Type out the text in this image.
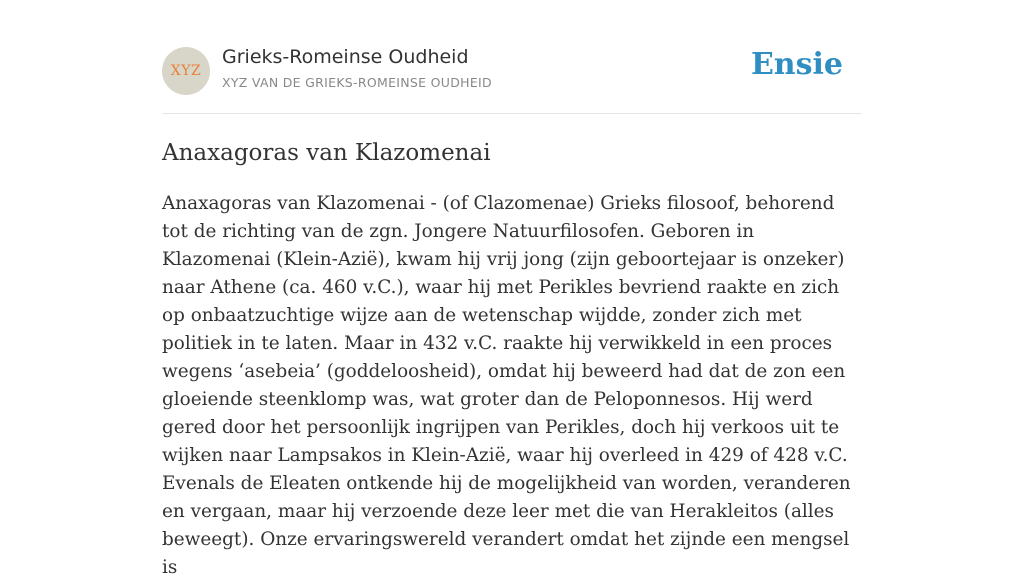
XYZ
Grieks-Romeinse Oudheid
XYZ VAN DE GRIEKS-ROMEINSE OUDHEID
Ensie
Anaxagoras van Klazomenai

Anaxagoras van Klazomenai - (of Clazomenae) Grieks filosoof, behorend tot de richting van de zgn. Jongere Natuurfilosofen. Geboren in Klazomenai (Klein-Azië), kwam hij vrij jong (zijn geboortejaar is onzeker) naar Athene (ca. 460 v.C.), waar hij met Perikles bevriend raakte en zich op onbaatzuchtige wijze aan de wetenschap wijdde, zonder zich met politiek in te laten. Maar in 432 v.C. raakte hij verwikkeld in een proces wegens ‘asebeia’ (goddeloosheid), omdat hij beweerd had dat de zon een gloeiende steenklomp was, wat groter dan de Peloponnesos. Hij werd gered door het persoonlijk ingrijpen van Perikles, doch hij verkoos uit te wijken naar Lampsakos in Klein-Azië, waar hij overleed in 429 of 428 v.C. Evenals de Eleaten ontkende hij de mogelijkheid van worden, veranderen en vergaan, maar hij verzoende deze leer met die van Herakleitos (alles beweegt). Onze ervaringswereld verandert omdat het zijnde een mengsel is
